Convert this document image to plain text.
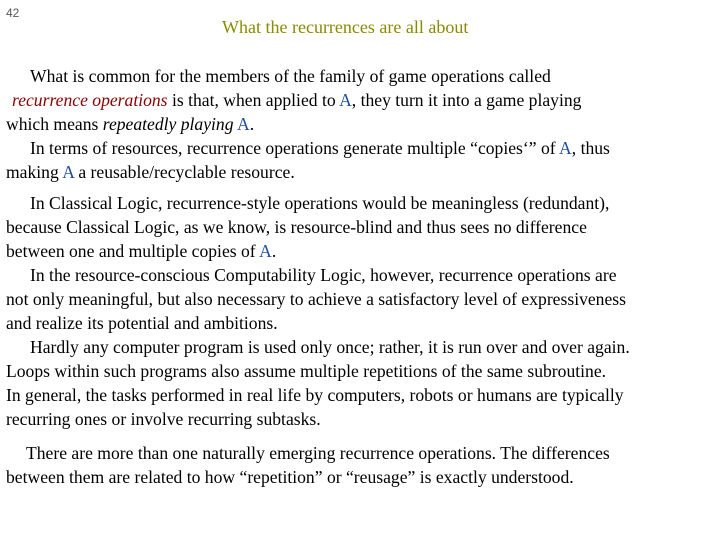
42
What the recurrences are all about

What is common for the members of the family of game operations called
recurrence operations is that, when applied to A, they turn it into a game playing
which means repeatedly playing A.

In terms of resources, recurrence operations generate multiple “copies‘” of A, thus
making A a reusable/recyclable resource.

In Classical Logic, recurrence-style operations would be meaningless (redundant),
because Classical Logic, as we know, is resource-blind and thus sees no difference
between one and multiple copies of A.

In the resource-conscious Computability Logic, however, recurrence operations are
not only meaningful, but also necessary to achieve a satisfactory level of expressiveness
and realize its potential and ambitions.

Hardly any computer program is used only once; rather, it is run over and over again.
Loops within such programs also assume multiple repetitions of the same subroutine.
In general, the tasks performed in real life by computers, robots or humans are typically
recurring ones or involve recurring subtasks.

There are more than one naturally emerging recurrence operations. The differences
between them are related to how “repetition” or “reusage” is exactly understood.
